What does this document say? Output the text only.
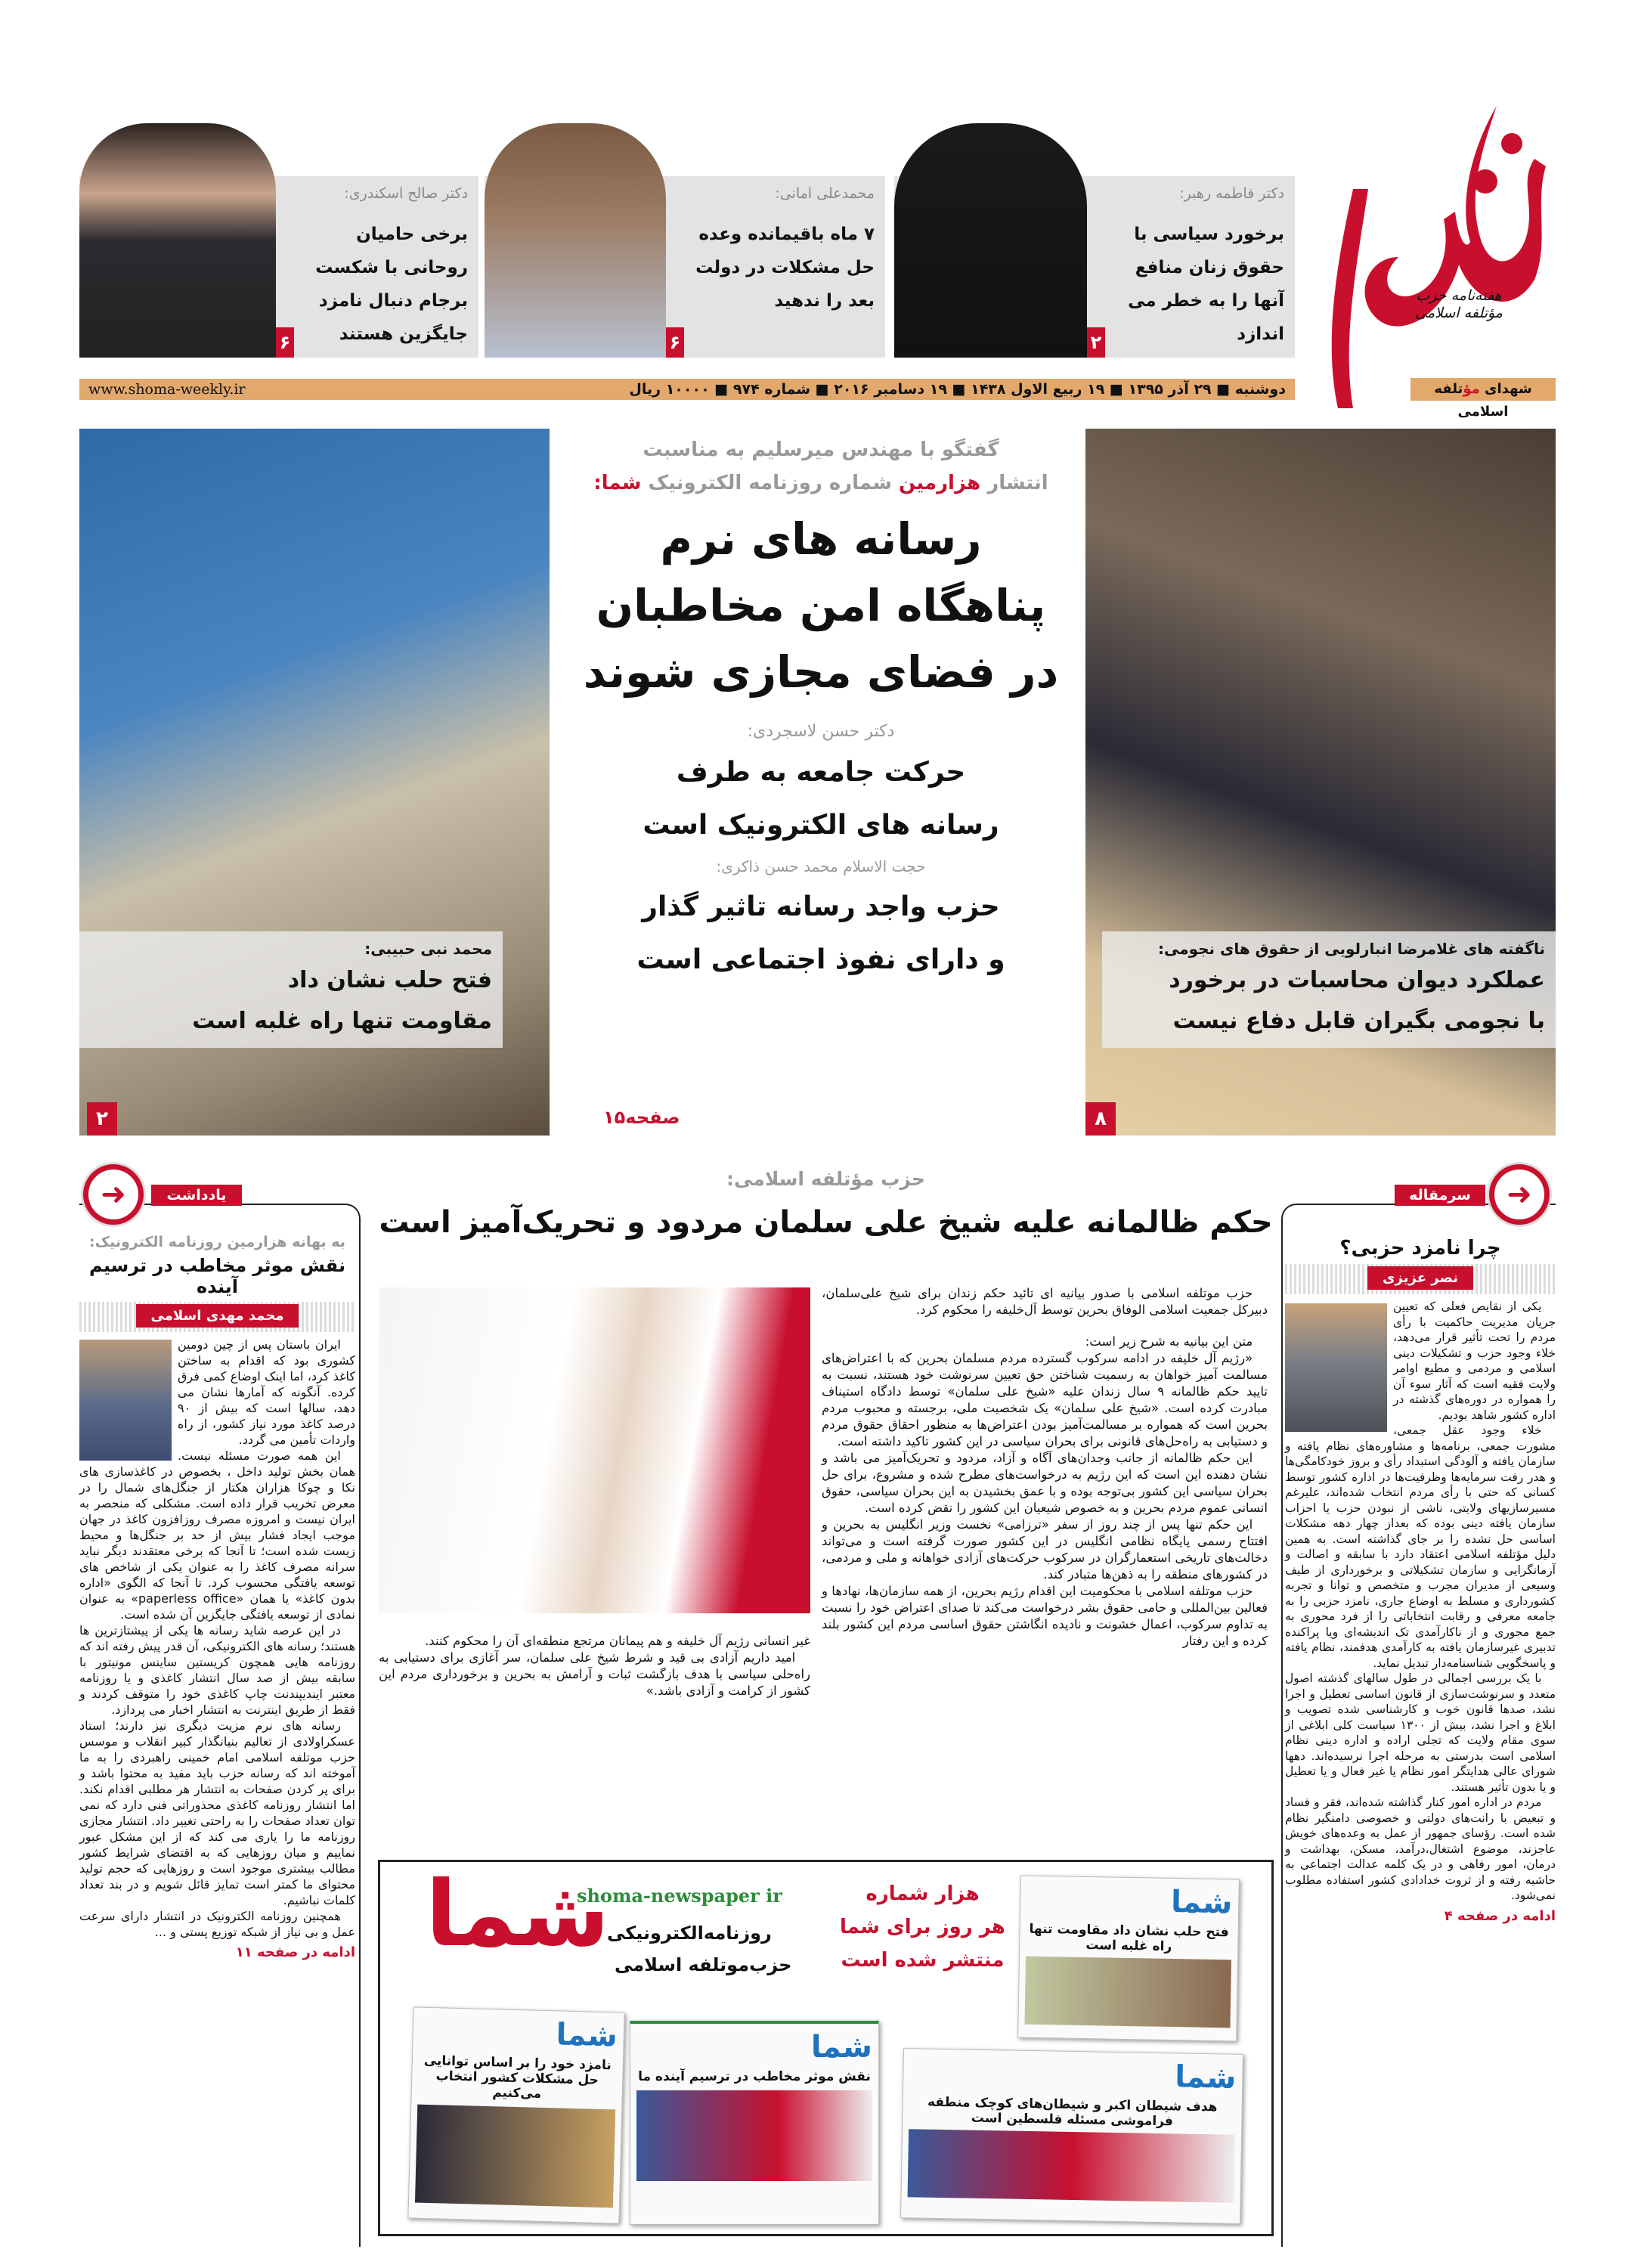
هفته‌نامه حزب مؤتلفه اسلامی
شهدای مؤتلفه اسلامی
دکتر فاطمه رهبر:
برخورد سیاسی با حقوق زنان منافع آنها را به خطر می اندازد
۲
محمدعلی امانی:
۷ ماه باقیمانده وعده حل مشکلات در دولت بعد را ندهید
۶
دکتر صالح اسکندری:
برخی حامیان روحانی با شکست برجام دنبال نامزد جایگزین هستند
۶
دوشنبه ■ ۲۹ آذر ۱۳۹۵ ■ ۱۹ ربیع الاول ۱۴۳۸ ■ ۱۹ دسامبر ۲۰۱۶ ■ شماره ۹۷۴ ■ ۱۰۰۰۰ ریال
www.shoma-weekly.ir
ناگفته های غلامرضا انبارلویی از حقوق های نجومی:
عملکرد دیوان محاسبات در برخورد
با نجومی بگیران قابل دفاع نیست
۸
محمد نبی حبیبی:
فتح حلب نشان داد
مقاومت تنها راه غلبه است
۲
گفتگو با مهندس میرسلیم به مناسبت
انتشار هزارمین شماره روزنامه الکترونیک شما:
رسانه های نرم
پناهگاه امن مخاطبان
در فضای مجازی شوند
دکتر حسن لاسجردی:
حرکت جامعه به طرف
رسانه های الکترونیک است
حجت الاسلام محمد حسن ذاکری:
حزب واجد رسانه تاثیر گذار
و دارای نفوذ اجتماعی است
صفحه۱۵
➜
سرمقاله
چرا نامزد حزبی؟
نصر عزیزی

یکی از نقایص فعلی که تعیین جریان مدیریت حاکمیت با رأی مردم را تحت تأثیر قرار می‌دهد، خلاء وجود حزب و تشکیلات دینی اسلامی و مردمی و مطیع اوامر ولایت فقیه است که آثار سوء آن را همواره در دوره‌های گذشته در اداره کشور شاهد بودیم.

خلاء وجود عقل جمعی، مشورت جمعی، برنامه‌ها و مشاوره‌های نظام یافته و سازمان یافته و آلودگی استبداد رأی و بروز خودکامگی‌ها و هدر رفت سرمایه‌ها وظرفیت‌ها در اداره کشور توسط کسانی که حتی با رأی مردم انتخاب شده‌اند، علیرغم مسیرسازیهای ولایتی، ناشی از نبودن حزب یا احزاب سازمان یافته دینی بوده که بعداز چهار دهه مشکلات اساسی حل نشده را بر جای گذاشته است. به همین دلیل مؤتلفه اسلامی اعتقاد دارد با سابقه و اصالت و آرمانگرایی و سازمان تشکیلاتی و برخورداری از طیف وسیعی از مدیران مجرب و متخصص و توانا و تجربه کشورداری و مسلط به اوضاع جاری، نامزد حزبی را به جامعه معرفی و رقابت انتخاباتی را از فرد محوری به جمع محوری و از ناکارآمدی تک اندیشه‌ای ویا پراکنده تدبیری غیرسازمان یافته به کارآمدی هدفمند، نظام یافته و پاسخگویی شناسنامه‌دار تبدیل نماید.

با یک بررسی اجمالی در طول سالهای گذشته اصول متعدد و سرنوشت‌سازی از قانون اساسی تعطیل و اجرا نشد، صدها قانون خوب و کارشناسی شده تصویب و ابلاغ و اجرا نشد، بیش از ۱۳۰۰ سیاست کلی ابلاغی از سوی مقام ولایت که تجلی اراده و اداره دینی نظام اسلامی است بدرستی به مرحله اجرا نرسیده‌اند. دهها شورای عالی هدایتگر امور نظام یا غیر فعال و یا تعطیل و یا بدون تأثیر هستند.

مردم در اداره امور کنار گذاشته شده‌اند، فقر و فساد و تبعیض با رانت‌های دولتی و خصوصی دامنگیر نظام شده است. رؤسای جمهور از عمل به وعده‌های خویش عاجزند، موضوع اشتغال،درآمد، مسکن، بهداشت و درمان، امور رفاهی و در یک کلمه عدالت اجتماعی به حاشیه رفته و از ثروت خدادادی کشور استفاده مطلوب نمی‌شود.

ادامه در صفحه ۴
➜	یادداشت
به بهانه هزارمین روزنامه الکترونیک:
نقش موثر مخاطب در ترسیم آینده
محمد مهدی اسلامی

ایران باستان پس از چین دومین کشوری بود که اقدام به ساختن کاغذ کرد، اما اینک اوضاع کمی فرق کرده. آنگونه که آمارها نشان می دهد، سالها است که بیش از ۹۰ درصد کاغذ مورد نیاز کشور، از راه واردات تأمین می گردد.

این همه صورت مسئله نیست. همان بخش تولید داخل ، بخصوص در کاغذسازی های نکا و چوکا هزاران هکتار از جنگل‌های شمال را در معرض تخریب قرار داده است. مشکلی که منحصر به ایران نیست و امروزه مصرف روزافزون کاغذ در جهان موجب ایجاد فشار بیش از حد بر جنگل‌ها و محیط زیست شده است؛ تا آنجا که برخی معتقدند دیگر نباید سرانه مصرف کاغذ را به عنوان یکی از شاخص های توسعه یافتگی محسوب کرد. تا آنجا که الگوی «اداره بدون کاغذ» یا همان «paperless office» به عنوان نمادی از توسعه یافتگی جایگزین آن شده است.

در این عرصه شاید رسانه ها یکی از پیشتازترین ها هستند؛ رسانه های الکترونیکی، آن قدر پیش رفته اند که روزنامه هایی همچون کریستین ساینس مونیتور با سابقه بیش از صد سال انتشار کاغذی و یا روزنامه معتبر ایندیپندنت چاپ کاغذی خود را متوقف کردند و فقط از طریق اینترنت به انتشار اخبار می پردازد.

رسانه های نرم مزیت دیگری نیز دارند؛ استاد عسکراولادی از تعالیم بنیانگذار کبیر انقلاب و موسس حزب موتلفه اسلامی امام خمینی راهبردی را به ما آموخته اند که رسانه حزب باید مفید به محتوا باشد و برای پر کردن صفحات به انتشار هر مطلبی اقدام نکند. اما انتشار روزنامه کاغذی محذوراتی فنی دارد که نمی توان تعداد صفحات را به راحتی تغییر داد. انتشار مجازی روزنامه ما را یاری می کند که از این مشکل عبور نماییم و میان روزهایی که به اقتضای شرایط کشور مطالب بیشتری موجود است و روزهایی که حجم تولید محتوای ما کمتر است تمایز قائل شویم و در بند تعداد کلمات نباشیم.

همچنین روزنامه الکترونیک در انتشار دارای سرعت عمل و بی نیاز از شبکه توزیع پستی و ...

ادامه در صفحه ۱۱
حزب مؤتلفه اسلامی:
حکم ظالمانه علیه شیخ علی سلمان مردود و تحریک‌آمیز است

حزب موتلفه اسلامی با صدور بیانیه ای تائید حکم زندان برای شیخ علی‌سلمان، دبیرکل جمعیت اسلامی الوفاق بحرین توسط آل‌خلیفه را محکوم کرد.

متن این بیانیه به شرح زیر است:

«رژیم آل خلیفه در ادامه سرکوب گسترده مردم مسلمان بحرین که با اعتراض‌های مسالمت آمیز خواهان به رسمیت شناختن حق تعیین سرنوشت خود هستند، نسبت به تایید حکم ظالمانه ۹ سال زندان علیه «شیخ علی سلمان» توسط دادگاه استیناف مبادرت کرده است. «شیخ علی سلمان» یک شخصیت ملی، برجسته و محبوب مردم بحرین است که همواره بر مسالمت‌آمیز بودن اعتراض‌ها به منظور احقاق حقوق مردم و دستیابی به راه‌حل‌های قانونی برای بحران سیاسی در این کشور تاکید داشته است.

این حکم ظالمانه از جانب وجدان‌های آگاه و آزاد، مردود و تحریک‌آمیز می باشد و نشان دهنده این است که این رژیم به درخواست‌های مطرح شده و مشروع، برای حل بحران سیاسی این کشور بی‌توجه بوده و با عمق بخشیدن به این بحران سیاسی، حقوق انسانی عموم مردم بحرین و به خصوص شیعیان این کشور را نقض کرده است.

این حکم تنها پس از چند روز از سفر «ترزامی» نخست وزیر انگلیس به بحرین و افتتاح رسمی پایگاه نظامی انگلیس در این کشور صورت گرفته است و می‌تواند دخالت‌های تاریخی استعمارگران در سرکوب حرکت‌های آزادی خواهانه و ملی و مردمی، در کشورهای منطقه را به ذهن‌ها متبادر کند.

حزب موتلفه اسلامی با محکومیت این اقدام رژیم بحرین، از همه سازمان‌ها، نهادها و فعالین بین‌المللی و حامی حقوق بشر درخواست می‌کند تا صدای اعتراض خود را نسبت به تداوم سرکوب، اعمال خشونت و نادیده انگاشتن حقوق اساسی مردم این کشور بلند کرده و این رفتار

غیر انسانی رژیم آل خلیفه و هم پیمانان مرتجع منطقه‌ای آن را محکوم کنند.

امید داریم آزادی بی قید و شرط شیخ علی سلمان، سر آغازی برای دستیابی به راه‌حلی سیاسی با هدف بازگشت ثبات و آرامش به بحرین و برخورداری مردم این کشور از کرامت و آزادی باشد.»

شما
shoma-newspaper ir
روزنامه‌الکترونیکی
حزب‌موتلفه اسلامی
هزار شماره
هر روز برای شما
منتشر شده است
شما
فتح حلب نشان داد مقاومت تنها راه غلبه است
شما
نامزد خود را بر اساس توانایی حل مشکلات کشور انتخاب می‌کنیم
شما
نقش موثر مخاطب در ترسیم آینده ما	شما
هدف شیطان اکبر و شیطان‌های کوچک منطقه فراموشی مسئله فلسطین است
